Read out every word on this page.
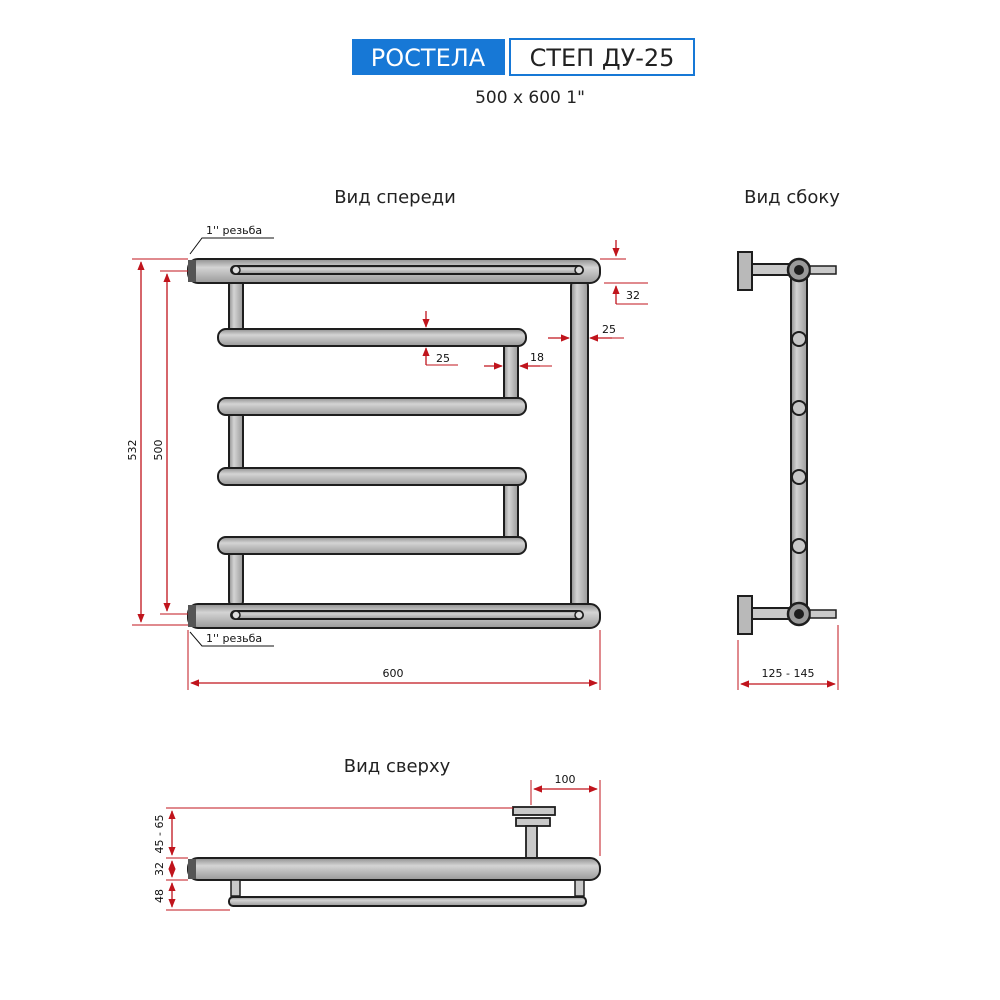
РОСТЕЛА СТЕП ДУ-25
500 x 600 1"
Вид спереди
1'' резьба
1'' резьба
532 500
600
32
25
25	18
Вид сбоку
125 - 145
Вид сверху
100
45 - 65
32
48
